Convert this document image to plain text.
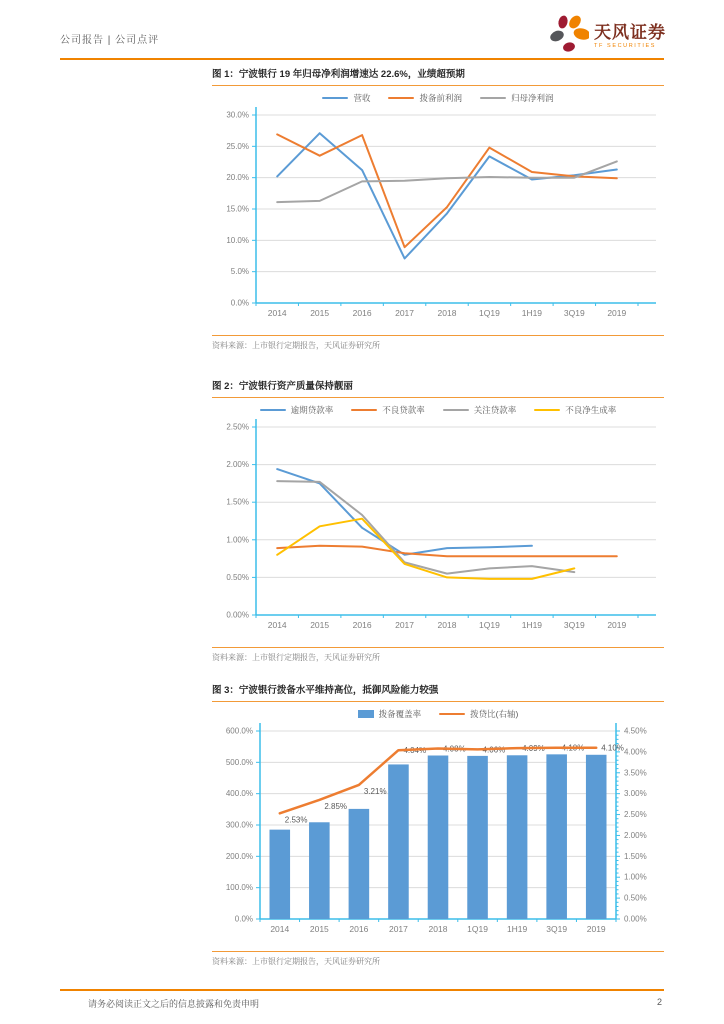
公司报告 | 公司点评	天风证券
TF SECURITIES
图 1：宁波银行 19 年归母净利润增速达 22.6%，业绩超预期
营收	拨备前利润	归母净利润
0.0%
5.0%
10.0%
15.0%
20.0%
25.0%
30.0%
2014	2015	2016	2017	2018	1Q19	1H19	3Q19	2019
资料来源：上市银行定期报告，天风证券研究所
图 2：宁波银行资产质量保持靓丽
逾期贷款率	不良贷款率	关注贷款率	不良净生成率
0.00%
0.50%
1.00%
1.50%
2.00%
2.50%
2014	2015	2016	2017	2018	1Q19	1H19	3Q19	2019
资料来源：上市银行定期报告，天风证券研究所
图 3：宁波银行拨备水平维持高位，抵御风险能力较强
拨备覆盖率	拨贷比(右轴)
0.0%
100.0%
200.0%
300.0%
400.0%
500.0%
600.0%
0.00%
0.50%
1.00%
1.50%
2.00%
2.50%
3.00%
3.50%
4.00%
4.50%
2014 2015 2016 2017 2018 1Q19 1H19 3Q19 2019
2.53%
2.85%
3.21%
4.04% 4.08% 4.06% 4.09% 4.10% 4.10%
资料来源：上市银行定期报告，天风证券研究所
请务必阅读正文之后的信息披露和免责申明	2
